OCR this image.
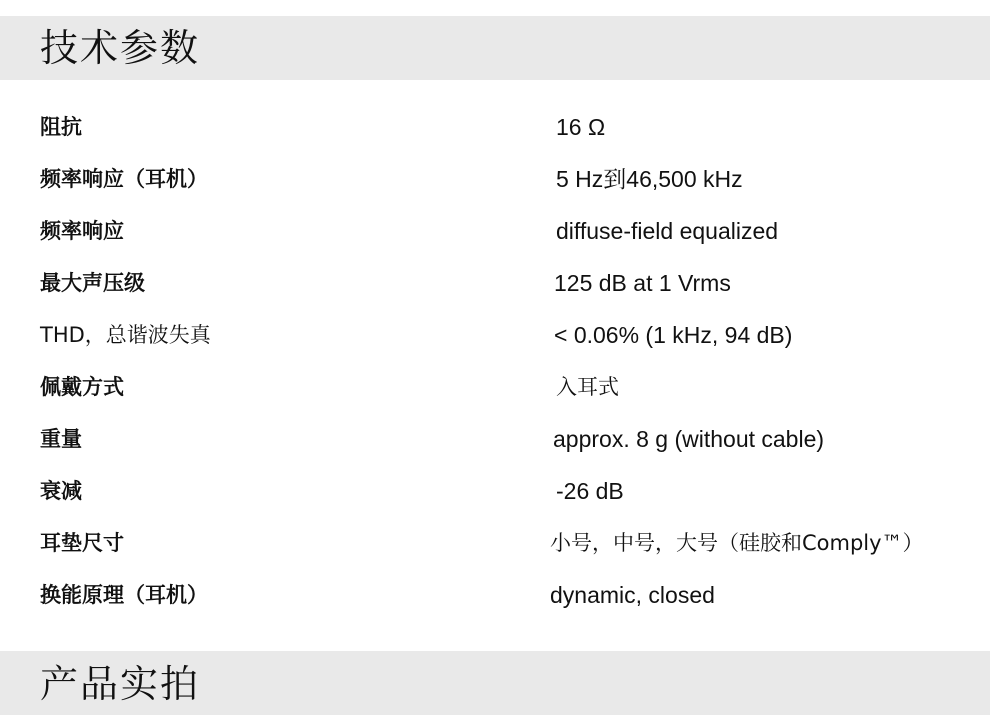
技术参数
阻抗	16 Ω
频率响应（耳机）	5 Hz到46,500 kHz
频率响应	diffuse-field equalized
最大声压级	125 dB at 1 Vrms
THD，总谐波失真	< 0.06% (1 kHz, 94 dB)
佩戴方式	入耳式
重量	approx. 8 g (without cable)
衰减	-26 dB
耳垫尺寸	小号，中号，大号（硅胶和Comply™）
换能原理（耳机）	dynamic, closed
产品实拍
